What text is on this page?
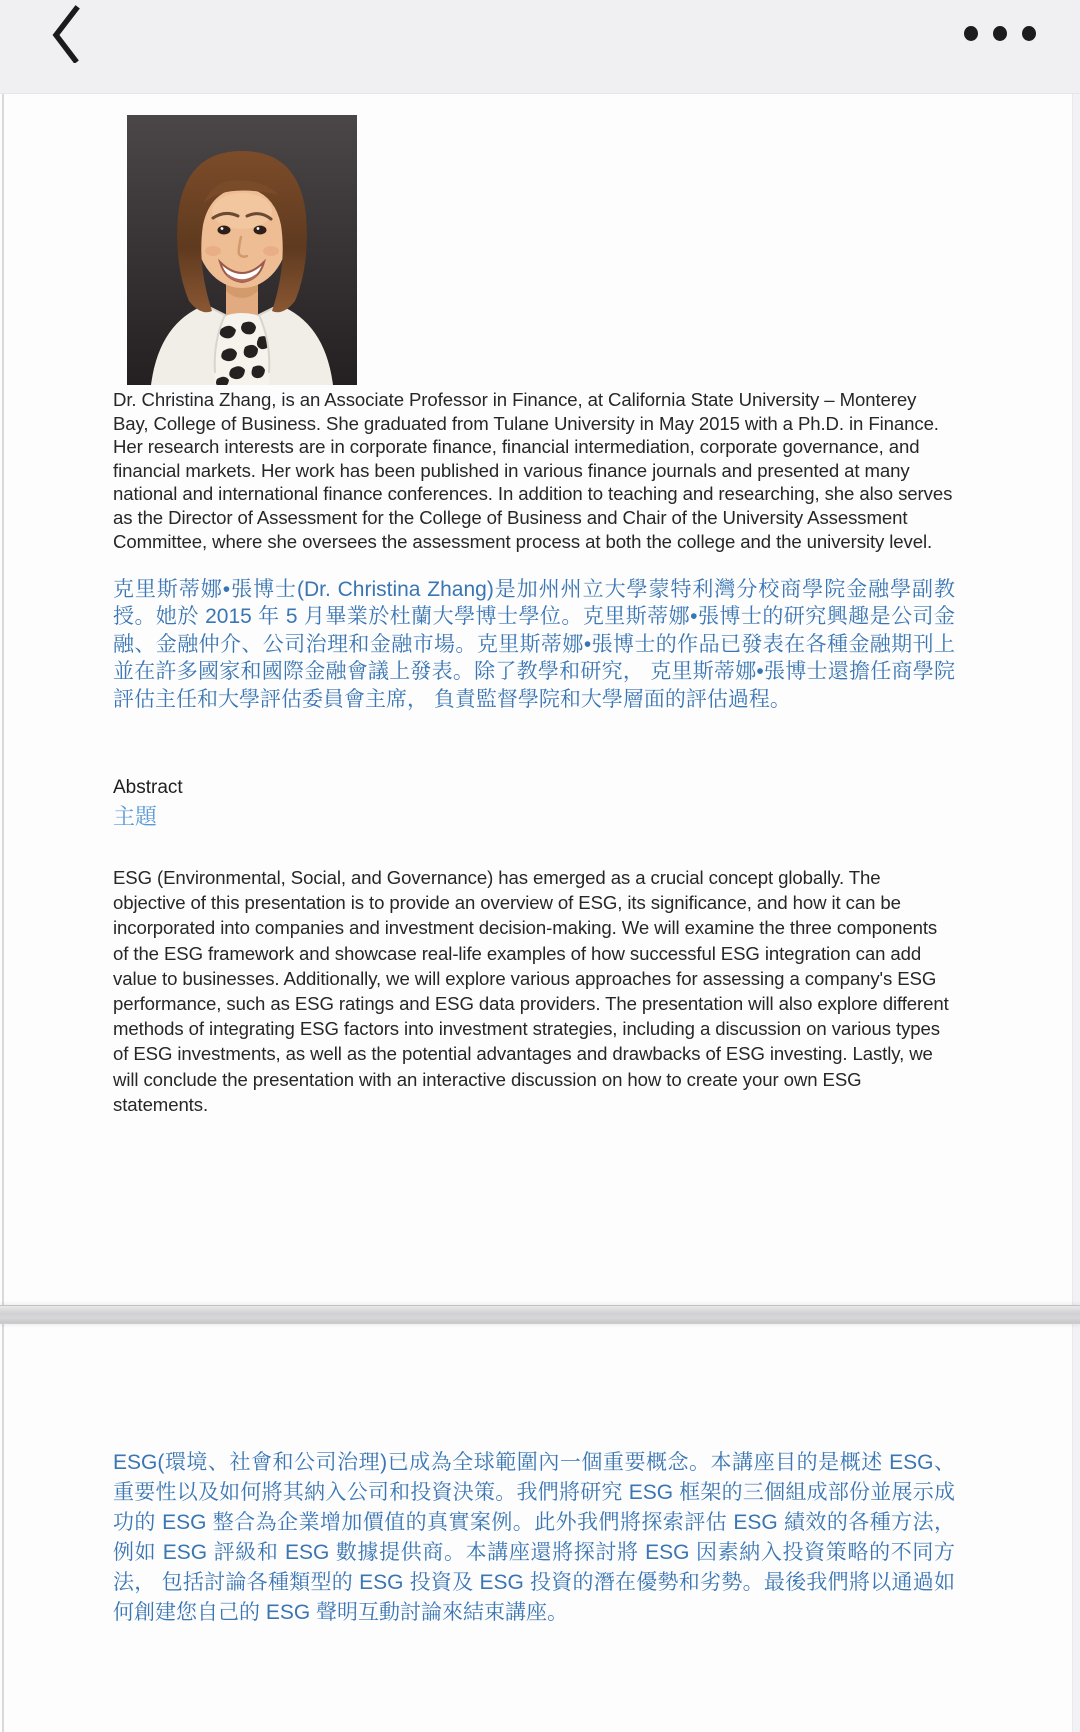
Dr. Christina Zhang, is an Associate Professor in Finance, at California State University – Monterey Bay, College of Business. She graduated from Tulane University in May 2015 with a Ph.D. in Finance. Her research interests are in corporate finance, financial intermediation, corporate governance, and financial markets. Her work has been published in various finance journals and presented at many national and international finance conferences. In addition to teaching and researching, she also serves as the Director of Assessment for the College of Business and Chair of the University Assessment Committee, where she oversees the assessment process at both the college and the university level.

克里斯蒂娜•張博士(Dr. Christina Zhang)是加州州立大學蒙特利灣分校商學院金融學副教授。她於 2015 年 5 月畢業於杜蘭大學博士學位。克里斯蒂娜•張博士的研究興趣是公司金融、金融仲介、公司治理和金融市場。克里斯蒂娜•張博士的作品已發表在各種金融期刊上並在許多國家和國際金融會議上發表。除了教學和研究， 克里斯蒂娜•張博士還擔任商學院評估主任和大學評估委員會主席， 負責監督學院和大學層面的評估過程。

Abstract

主題

ESG (Environmental, Social, and Governance) has emerged as a crucial concept globally. The objective of this presentation is to provide an overview of ESG, its significance, and how it can be incorporated into companies and investment decision-making. We will examine the three components of the ESG framework and showcase real-life examples of how successful ESG integration can add value to businesses. Additionally, we will explore various approaches for assessing a company's ESG performance, such as ESG ratings and ESG data providers. The presentation will also explore different methods of integrating ESG factors into investment strategies, including a discussion on various types of ESG investments, as well as the potential advantages and drawbacks of ESG investing. Lastly, we will conclude the presentation with an interactive discussion on how to create your own ESG statements.

ESG(環境、社會和公司治理)已成為全球範圍內一個重要概念。本講座目的是概述 ESG、重要性以及如何將其納入公司和投資決策。我們將研究 ESG 框架的三個組成部份並展示成功的 ESG 整合為企業增加價值的真實案例。此外我們將探索評估 ESG 績效的各種方法， 例如 ESG 評級和 ESG 數據提供商。本講座還將探討將 ESG 因素納入投資策略的不同方法， 包括討論各種類型的 ESG 投資及 ESG 投資的潛在優勢和劣勢。最後我們將以通過如何創建您自己的 ESG 聲明互動討論來結束講座。
